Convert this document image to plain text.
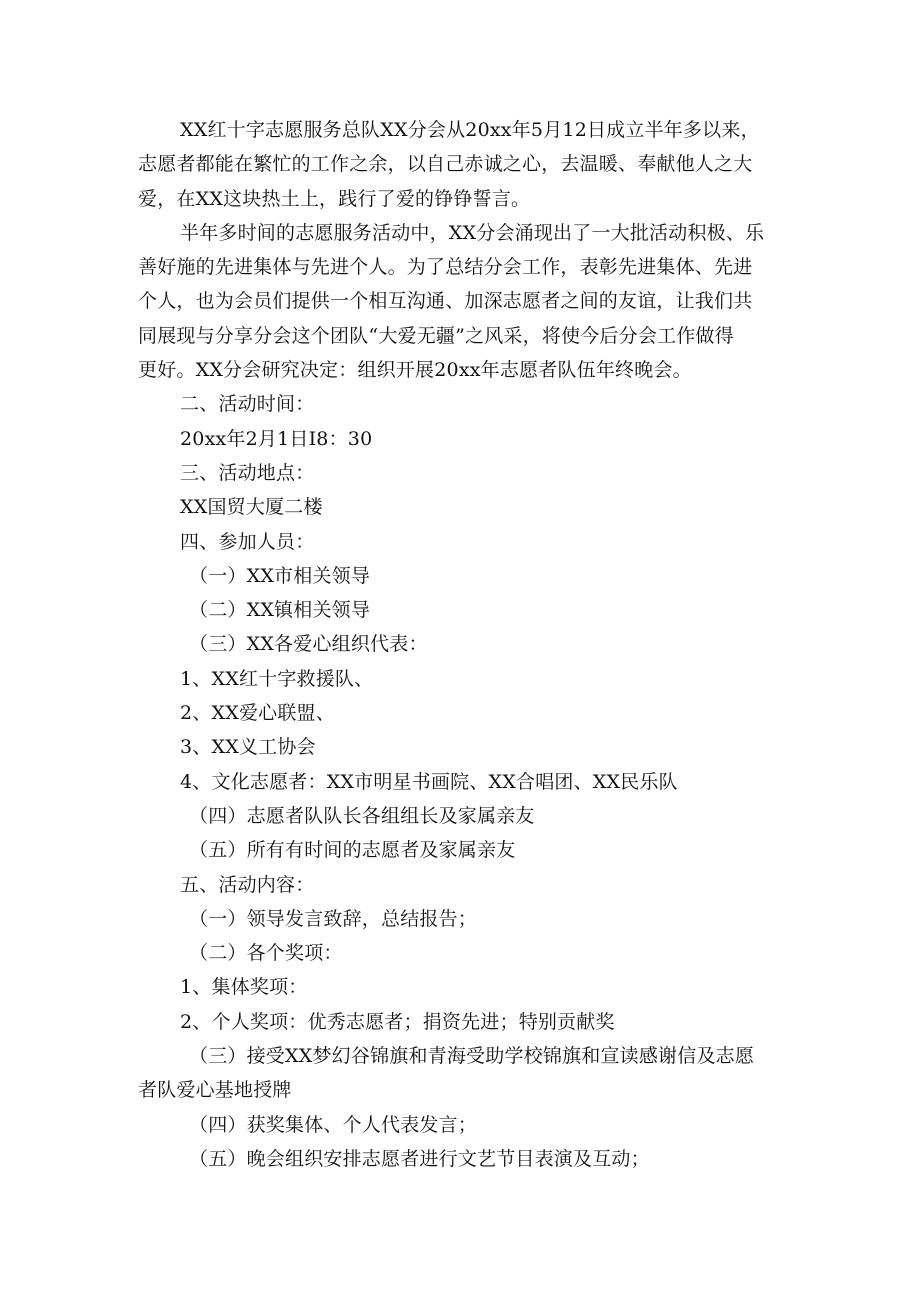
XX红十字志愿服务总队XX分会从20xx年5月12日成立半年多以来，
志愿者都能在繁忙的工作之余，以自己赤诚之心，去温暖、奉献他人之大
爱，在XX这块热土上，践行了爱的铮铮誓言。
半年多时间的志愿服务活动中，XX分会涌现出了一大批活动积极、乐
善好施的先进集体与先进个人。为了总结分会工作，表彰先进集体、先进
个人，也为会员们提供一个相互沟通、加深志愿者之间的友谊，让我们共
同展现与分享分会这个团队“大爱无疆”之风采，将使今后分会工作做得
更好。XX分会研究决定：组织开展20xx年志愿者队伍年终晚会。
二、活动时间：
20xx年2月1日I8：30
三、活动地点：
XX国贸大厦二楼
四、参加人员：
（一）XX市相关领导
（二）XX镇相关领导
（三）XX各爱心组织代表：
1、XX红十字救援队、
2、XX爱心联盟、
3、XX义工协会
4、文化志愿者：XX市明星书画院、XX合唱团、XX民乐队
（四）志愿者队队长各组组长及家属亲友
（五）所有有时间的志愿者及家属亲友
五、活动内容：
（一）领导发言致辞，总结报告；
（二）各个奖项：
1、集体奖项：
2、个人奖项：优秀志愿者；捐资先进；特别贡献奖
（三）接受XX梦幻谷锦旗和青海受助学校锦旗和宣读感谢信及志愿
者队爱心基地授牌
（四）获奖集体、个人代表发言；
（五）晚会组织安排志愿者进行文艺节目表演及互动；
